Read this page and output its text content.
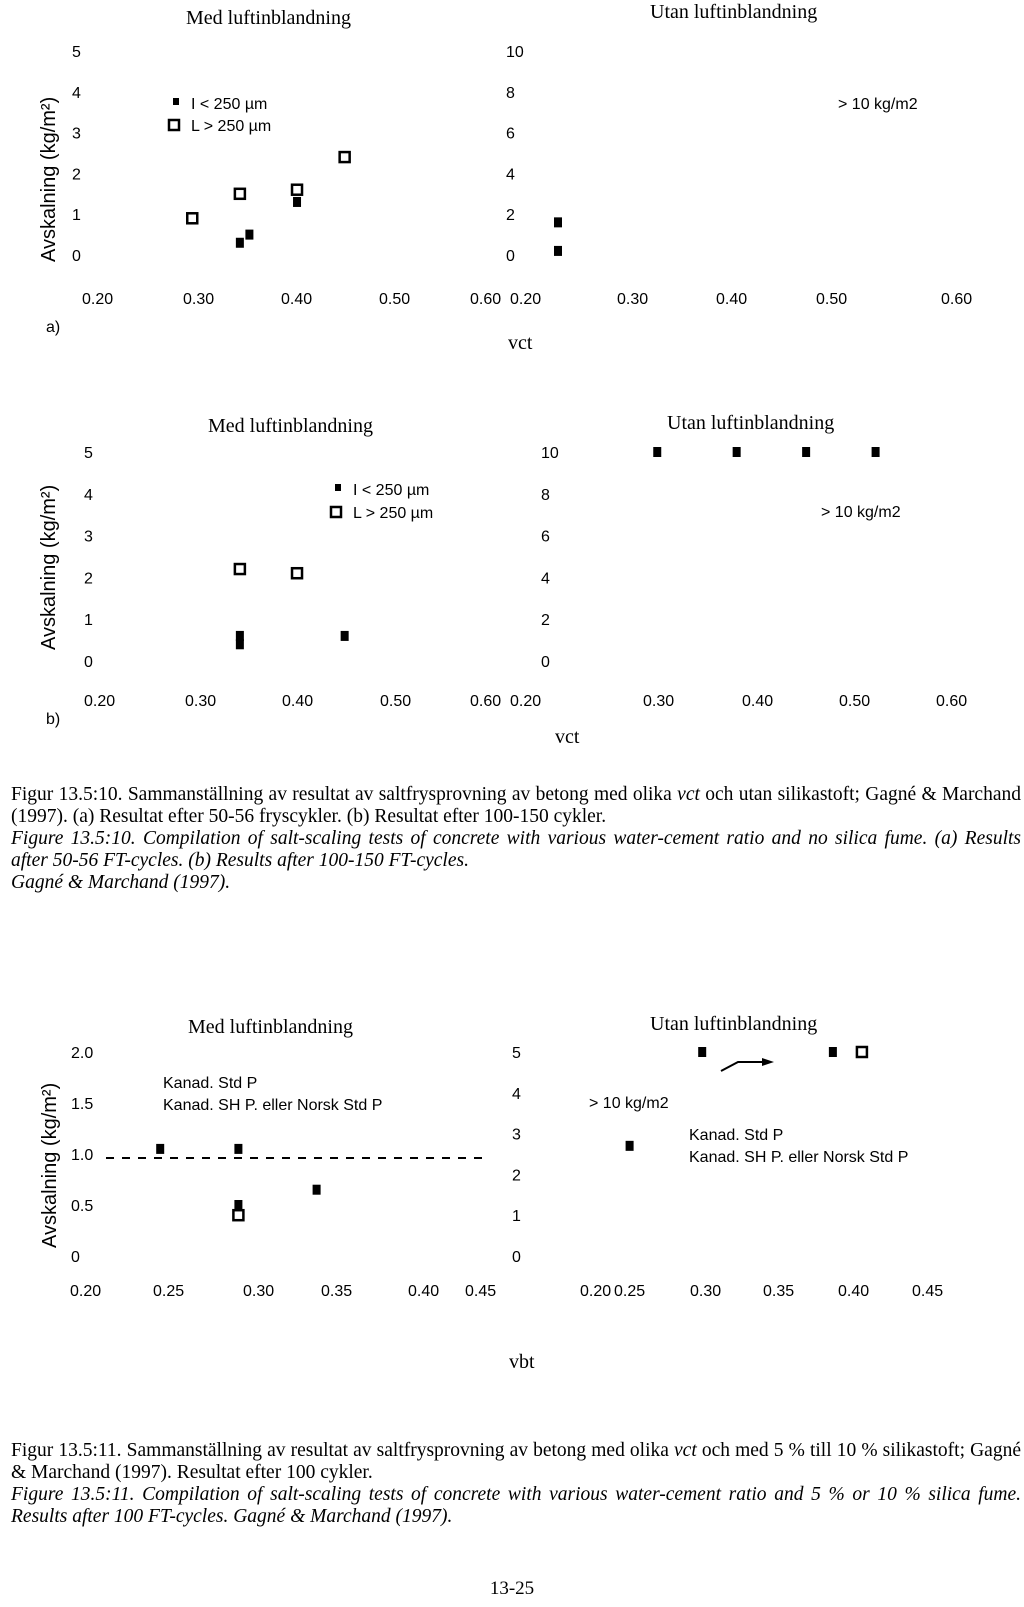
Med luftinblandning	Utan luftinblandning
Avskalning (kg/m²)
vct
a)
> 10 kg/m2
I < 250 µm
L > 250 µm
0
1
2
3
4
5
0.20	0.30	0.40	0.50	0.60
0
2
4
6
8
10
0.20	0.30	0.40	0.50	0.60
Med luftinblandning	Utan luftinblandning
Avskalning (kg/m²)
vct
b)
> 10 kg/m2
I < 250 µm
L > 250 µm
0
1
2
3
4
5
0.20	0.30	0.40	0.50	0.60
0
2
4
6
8
10
0.20	0.30	0.40	0.50	0.60

Figur 13.5:10. Sammanställning av resultat av saltfrysprovning av betong med olika vct och utan silikastoft; Gagné & Marchand (1997). (a) Resultat efter 50-56 fryscykler. (b) Resultat efter 100-150 cykler.

Figure 13.5:10. Compilation of salt-scaling tests of concrete with various water-cement ratio and no silica fume. (a) Results after 50-56 FT-cycles. (b) Results after 100-150 FT-cycles.
Gagné & Marchand (1997).

Med luftinblandning	Utan luftinblandning
Avskalning (kg/m²)
vbt
> 10 kg/m2
Kanad. Std P
Kanad. SH P. eller Norsk Std P
Kanad. Std P
Kanad. SH P. eller Norsk Std P
0
0.5
1.0
1.5
2.0
0.20	0.25	0.30	0.35	0.40 0.45
0
1
2
3
4
5
0.20 0.25	0.30	0.35	0.40	0.45

Figur 13.5:11. Sammanställning av resultat av saltfrysprovning av betong med olika vct och med 5 % till 10 % silikastoft; Gagné & Marchand (1997). Resultat efter 100 cykler.

Figure 13.5:11. Compilation of salt-scaling tests of concrete with various water-cement ratio and 5 % or 10 % silica fume. Results after 100 FT-cycles. Gagné & Marchand (1997).

13-25
